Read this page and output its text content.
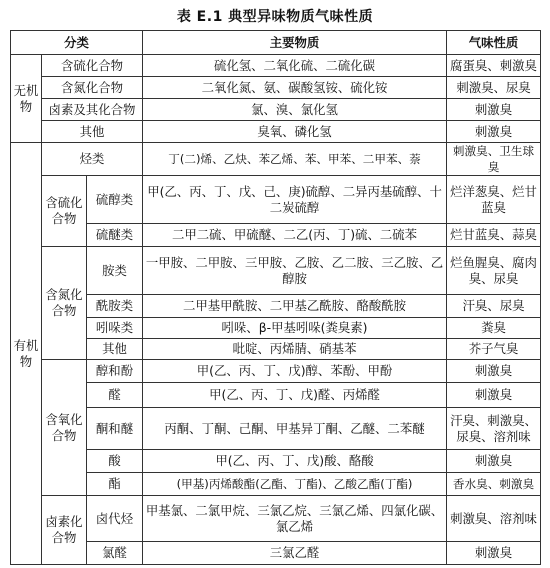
表 E.1 典型异味物质气味性质
分类			主要物质	气味性质
无机物	含硫化合物		硫化氢、二氧化硫、二硫化碳	腐蛋臭、刺激臭
	含氮化合物		二氧化氮、氨、碳酸氢铵、硫化铵	刺激臭、尿臭
	卤素及其化合物		氯、溴、氯化氢	刺激臭
	其他		臭氧、磷化氢	刺激臭
有机物	烃类		丁(二)烯、乙炔、苯乙烯、苯、甲苯、二甲苯、萘	刺激臭、卫生球臭
	含硫化合物	硫醇类	甲(乙、丙、丁、戊、己、庚)硫醇、二异丙基硫醇、十二炭硫醇	烂洋葱臭、烂甘蓝臭
		硫醚类	二甲二硫、甲硫醚、二乙(丙、丁)硫、二硫苯	烂甘蓝臭、蒜臭
	含氮化合物	胺类	一甲胺、二甲胺、三甲胺、乙胺、乙二胺、三乙胺、乙醇胺	烂鱼腥臭、腐肉臭、尿臭
		酰胺类	二甲基甲酰胺、二甲基乙酰胺、酪酸酰胺	汗臭、尿臭
		吲哚类	吲哚、β-甲基吲哚(粪臭素)	粪臭
		其他	吡啶、丙烯腈、硝基苯	芥子气臭
	含氧化合物	醇和酚	甲(乙、丙、丁、戊)醇、苯酚、甲酚	刺激臭
		醛	甲(乙、丙、丁、戊)醛、丙烯醛	刺激臭
		酮和醚	丙酮、丁酮、己酮、甲基异丁酮、乙醚、二苯醚	汗臭、刺激臭、尿臭、溶剂味
		酸	甲(乙、丙、丁、戊)酸、酪酸	刺激臭
		酯	(甲基)丙烯酸酯(乙酯、丁酯)、乙酸乙酯(丁酯)	香水臭、刺激臭
	卤素化合物	卤代烃	甲基氯、二氯甲烷、三氯乙烷、三氯乙烯、四氯化碳、氯乙烯	刺激臭、溶剂味
		氯醛	三氯乙醛	刺激臭
